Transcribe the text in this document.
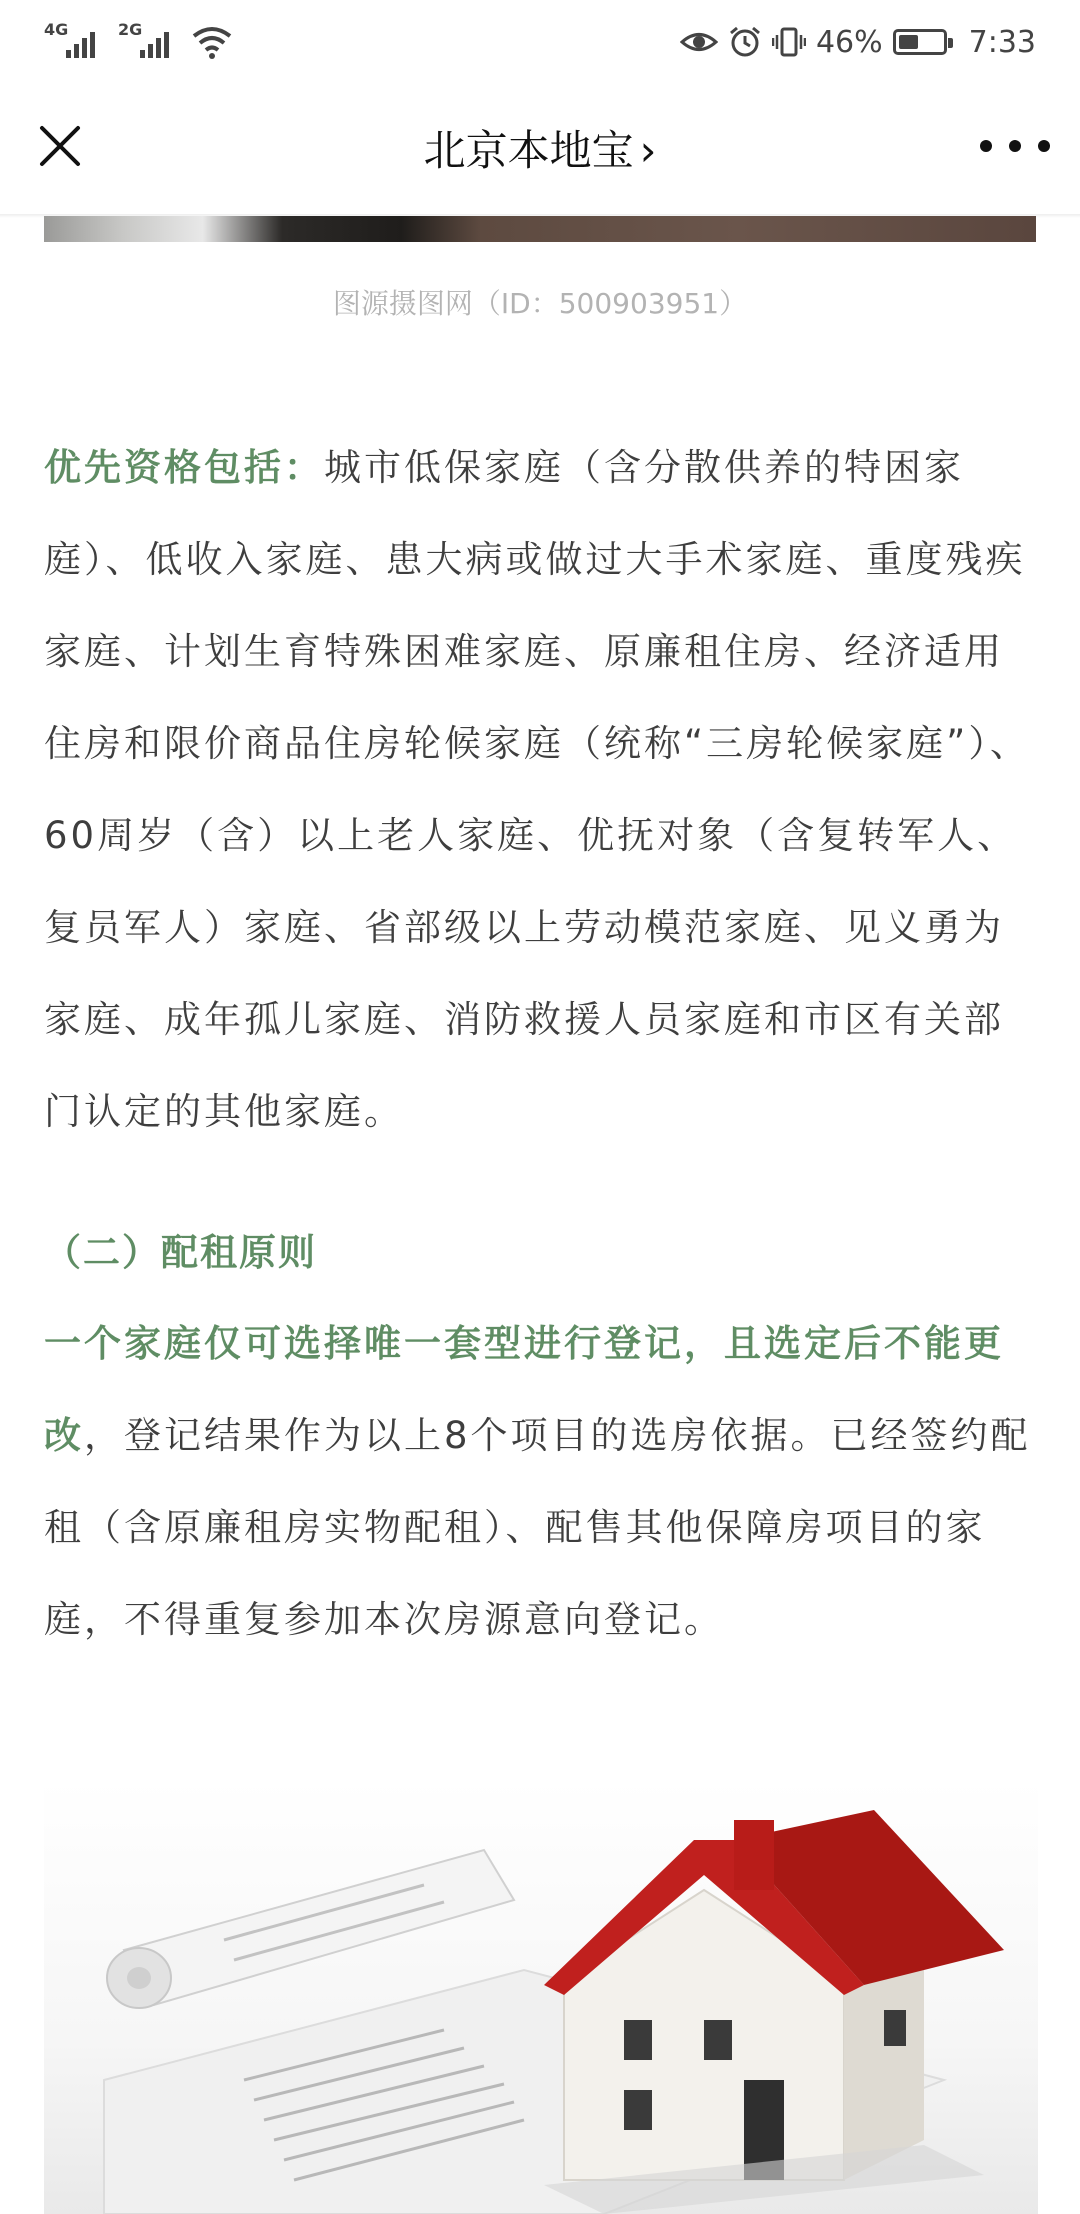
4G	2G	46%	7:33
北京本地宝 ›
图源摄图网（ID：500903951）
优先资格包括：城市低保家庭（含分散供养的特困家庭）、低收入家庭、患大病或做过大手术家庭、重度残疾家庭、计划生育特殊困难家庭、原廉租住房、经济适用住房和限价商品住房轮候家庭（统称“三房轮候家庭”）、60周岁（含）以上老人家庭、优抚对象（含复转军人、复员军人）家庭、省部级以上劳动模范家庭、见义勇为家庭、成年孤儿家庭、消防救援人员家庭和市区有关部门认定的其他家庭。
（二）配租原则
一个家庭仅可选择唯一套型进行登记，且选定后不能更改，登记结果作为以上8个项目的选房依据。已经签约配租（含原廉租房实物配租）、配售其他保障房项目的家庭，不得重复参加本次房源意向登记。
